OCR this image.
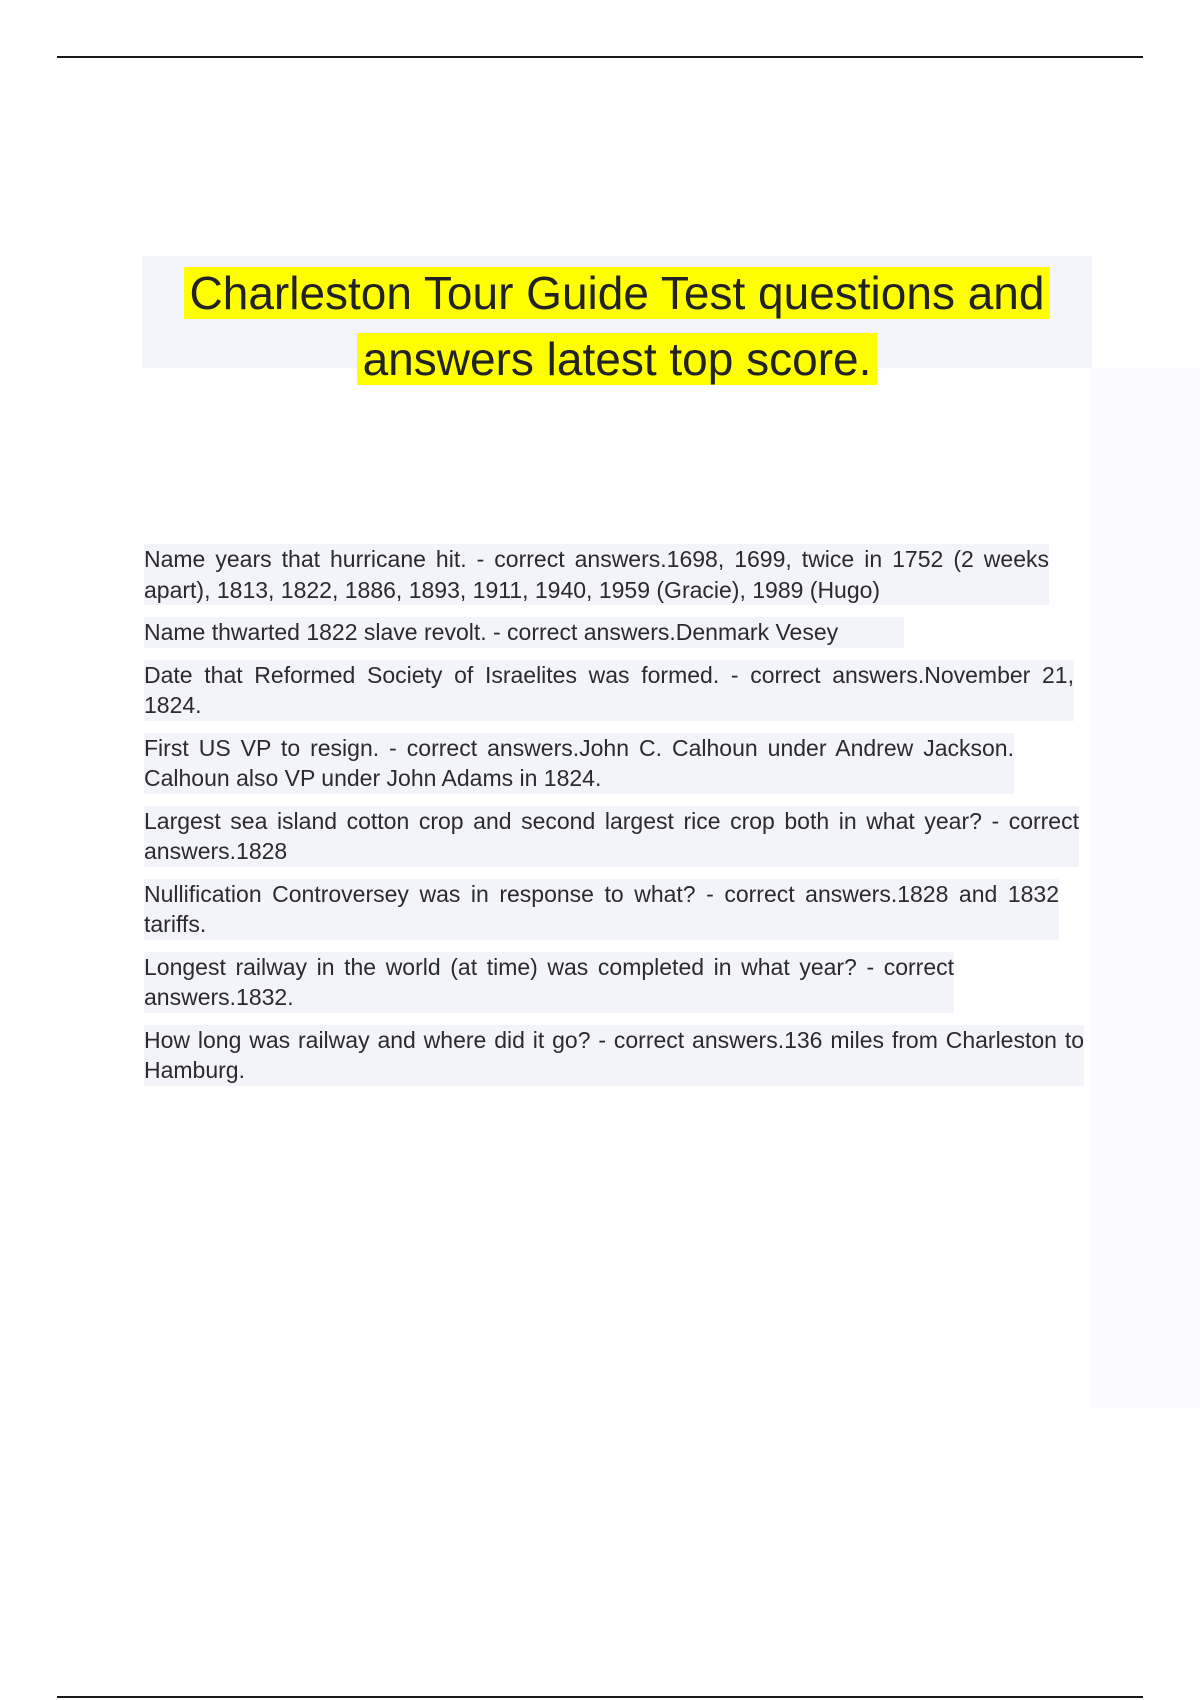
Charleston Tour Guide Test questions and answers latest top score.
Name years that hurricane hit. - correct answers.1698, 1699, twice in 1752 (2 weeks apart), 1813, 1822, 1886, 1893, 1911, 1940, 1959 (Gracie), 1989 (Hugo)
Name thwarted 1822 slave revolt. - correct answers.Denmark Vesey
Date that Reformed Society of Israelites was formed. - correct answers.November 21, 1824.
First US VP to resign. - correct answers.John C. Calhoun under Andrew Jackson. Calhoun also VP under John Adams in 1824.
Largest sea island cotton crop and second largest rice crop both in what year? - correct answers.1828
Nullification Controversey was in response to what? - correct answers.1828 and 1832 tariffs.
Longest railway in the world (at time) was completed in what year? - correct answers.1832.
How long was railway and where did it go? - correct answers.136 miles from Charleston to Hamburg.
